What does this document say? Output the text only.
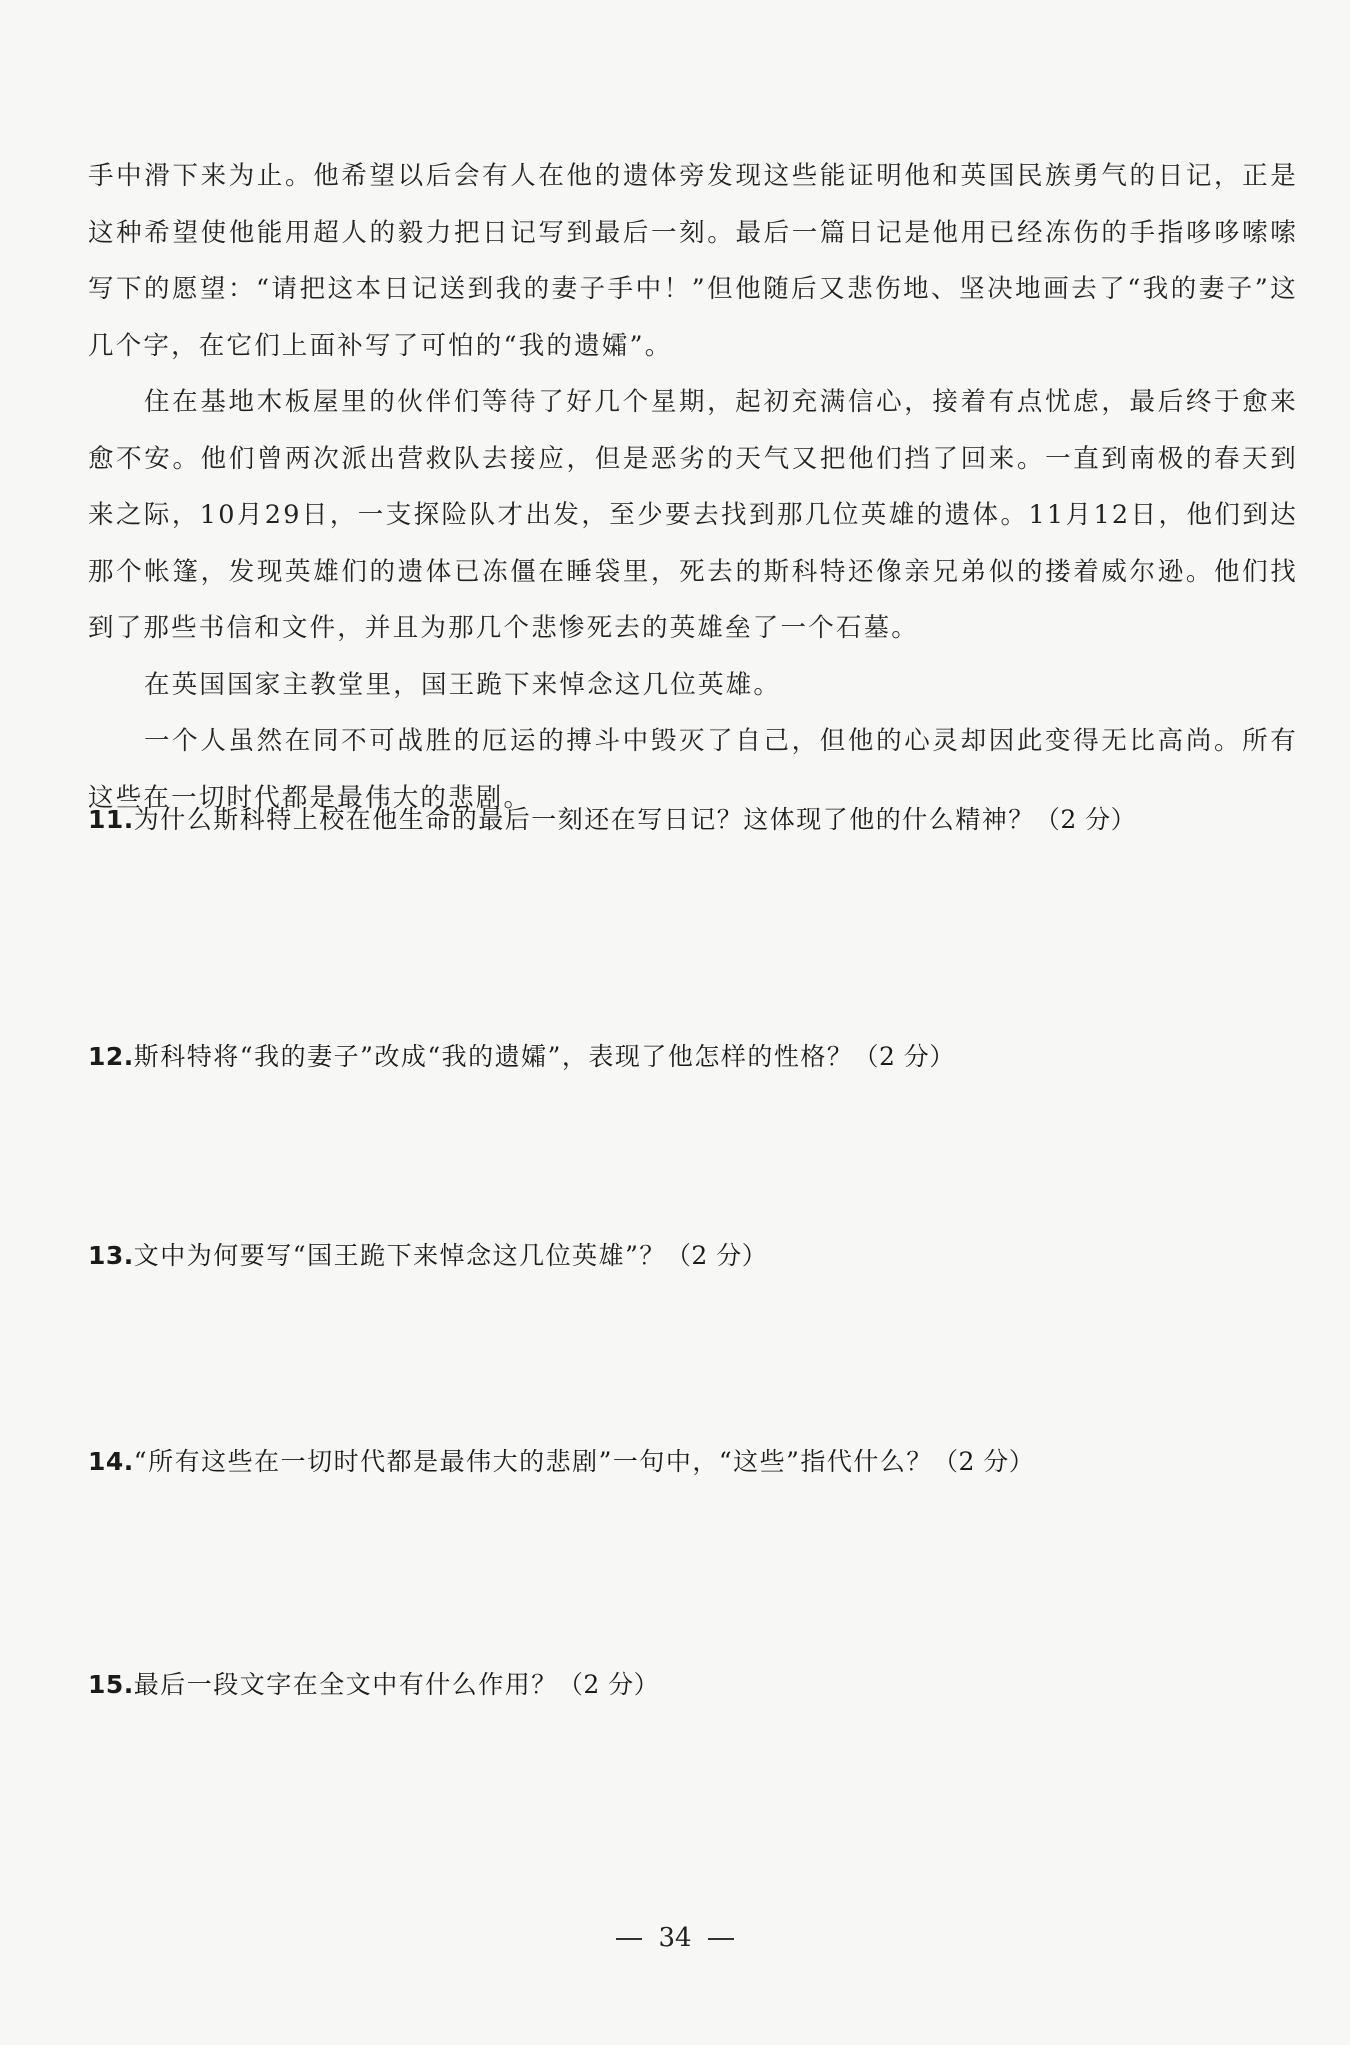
手中滑下来为止。他希望以后会有人在他的遗体旁发现这些能证明他和英国民族勇气的日记，正是这种希望使他能用超人的毅力把日记写到最后一刻。最后一篇日记是他用已经冻伤的手指哆哆嗦嗦写下的愿望：“请把这本日记送到我的妻子手中！”但他随后又悲伤地、坚决地画去了“我的妻子”这几个字，在它们上面补写了可怕的“我的遗孀”。

住在基地木板屋里的伙伴们等待了好几个星期，起初充满信心，接着有点忧虑，最后终于愈来愈不安。他们曾两次派出营救队去接应，但是恶劣的天气又把他们挡了回来。一直到南极的春天到来之际，10月29日，一支探险队才出发，至少要去找到那几位英雄的遗体。11月12日，他们到达那个帐篷，发现英雄们的遗体已冻僵在睡袋里，死去的斯科特还像亲兄弟似的搂着威尔逊。他们找到了那些书信和文件，并且为那几个悲惨死去的英雄垒了一个石墓。

在英国国家主教堂里，国王跪下来悼念这几位英雄。

一个人虽然在同不可战胜的厄运的搏斗中毁灭了自己，但他的心灵却因此变得无比高尚。所有这些在一切时代都是最伟大的悲剧。

11.为什么斯科特上校在他生命的最后一刻还在写日记？这体现了他的什么精神？（2 分）
12.斯科特将“我的妻子”改成“我的遗孀”，表现了他怎样的性格？（2 分）
13.文中为何要写“国王跪下来悼念这几位英雄”？（2 分）
14.“所有这些在一切时代都是最伟大的悲剧”一句中，“这些”指代什么？（2 分）
15.最后一段文字在全文中有什么作用？（2 分）
34
